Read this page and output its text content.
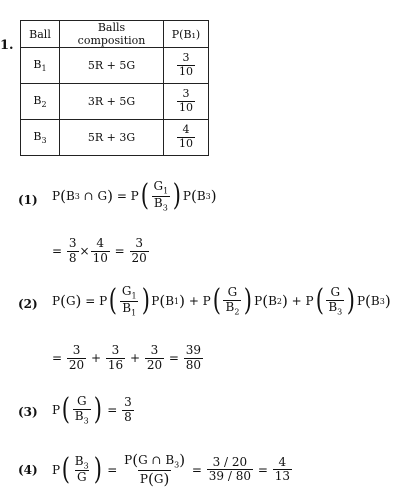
1.
Ball	Balls composition	P(B₁)
$B_1$	5R + 5G	$\frac{3}{10}$

$B_2$	3R + 5G	$\frac{3}{10}$

$B_3$	5R + 3G	$\frac{4}{10}$
(1) P ( B 3 ∩ G ) = P ( $\frac{G_1}{B_3}$ ) P ( B 3 )
= $\frac{3}{8} \times \frac{4}{10} = \frac{3}{20}$
(2) P ( G ) = P ( $\frac{G_1}{B_1}$ ) P ( B 1 ) + P ( $\frac{G}{B_2}$ ) P ( B 2 ) + P ( $\frac{G}{B_3}$ ) P ( B 3 )
= $\frac{3}{20} + \frac{3}{16} + \frac{3}{20} = \frac{39}{80}$
(3) P ( $\frac{G}{B_3}$ ) = $\frac{3}{8}$
(4) P ( $\frac{B_3}{G}$ ) = $\frac{P(G \cap B_3)}{P(G)} = \frac{3 / 20}{39 / 80} = \frac{4}{13}$
